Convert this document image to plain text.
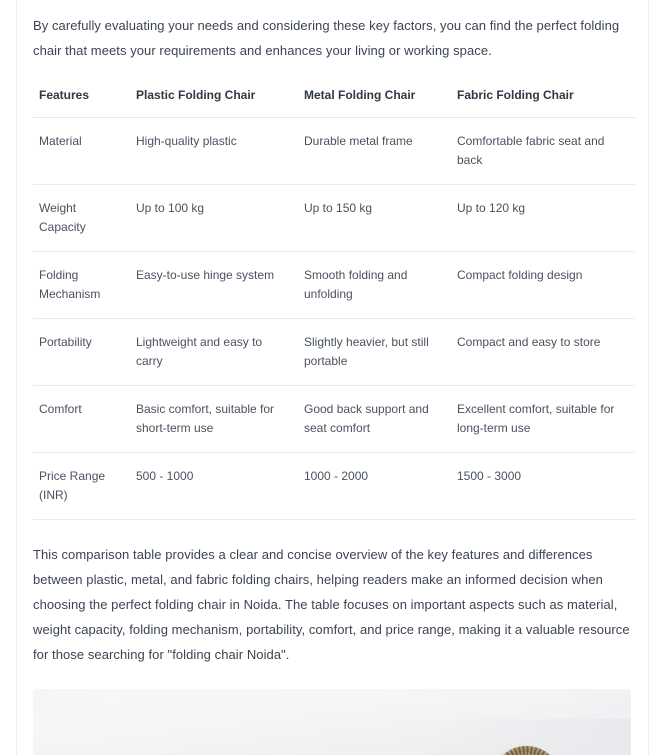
By carefully evaluating your needs and considering these key factors, you can find the perfect folding chair that meets your requirements and enhances your living or working space.

Features	Plastic Folding Chair	Metal Folding Chair	Fabric Folding Chair
Material	High-quality plastic	Durable metal frame	Comfortable fabric seat and back
Weight Capacity	Up to 100 kg	Up to 150 kg	Up to 120 kg
Folding Mechanism	Easy-to-use hinge system	Smooth folding and unfolding	Compact folding design
Portability	Lightweight and easy to carry	Slightly heavier, but still portable	Compact and easy to store
Comfort	Basic comfort, suitable for short-term use	Good back support and seat comfort	Excellent comfort, suitable for long-term use
Price Range (INR)	500 - 1000	1000 - 2000	1500 - 3000

This comparison table provides a clear and concise overview of the key features and differences between plastic, metal, and fabric folding chairs, helping readers make an informed decision when choosing the perfect folding chair in Noida. The table focuses on important aspects such as material, weight capacity, folding mechanism, portability, comfort, and price range, making it a valuable resource for those searching for "folding chair Noida".
